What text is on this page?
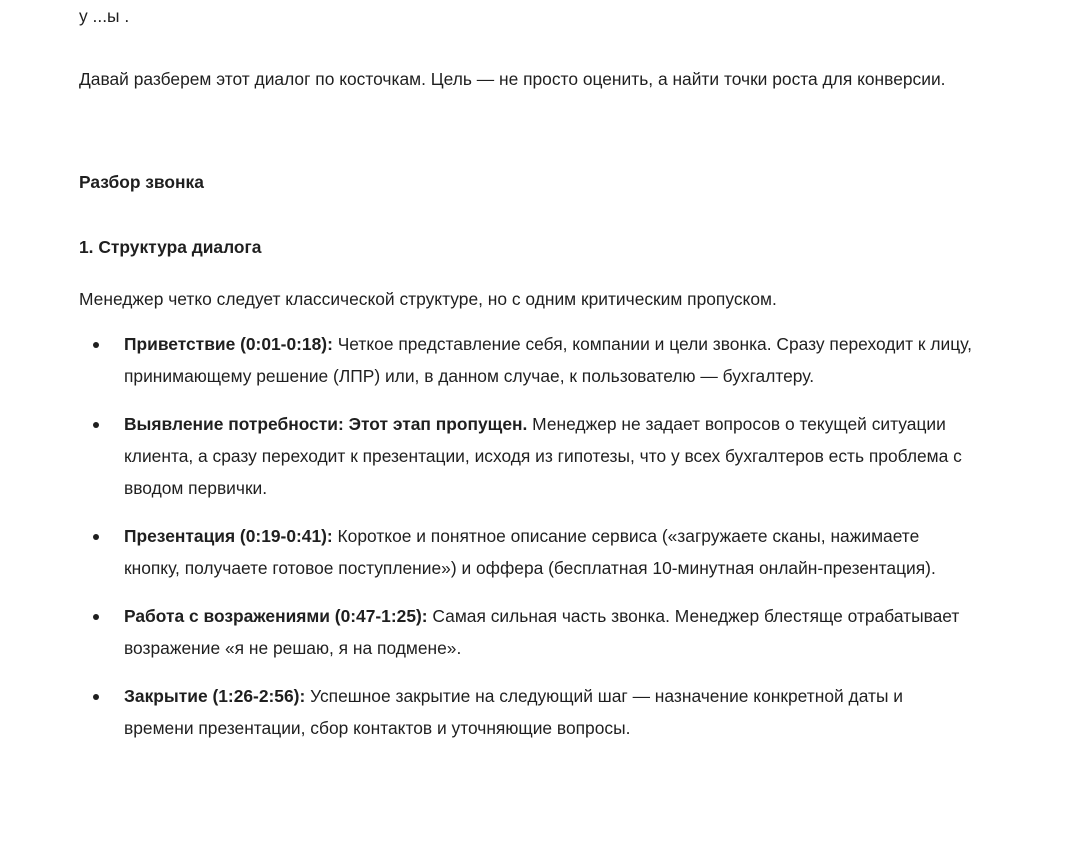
у ...ы .

Давай разберем этот диалог по косточкам. Цель — не просто оценить, а найти точки роста для конверсии.

Разбор звонка

1. Структура диалога

Менеджер четко следует классической структуре, но с одним критическим пропуском.

Приветствие (0:01-0:18): Четкое представление себя, компании и цели звонка. Сразу переходит к лицу, принимающему решение (ЛПР) или, в данном случае, к пользователю — бухгалтеру.
Выявление потребности: Этот этап пропущен. Менеджер не задает вопросов о текущей ситуации клиента, а сразу переходит к презентации, исходя из гипотезы, что у всех бухгалтеров есть проблема с вводом первички.
Презентация (0:19-0:41): Короткое и понятное описание сервиса («загружаете сканы, нажимаете кнопку, получаете готовое поступление») и оффера (бесплатная 10-минутная онлайн-презентация).
Работа с возражениями (0:47-1:25): Самая сильная часть звонка. Менеджер блестяще отрабатывает возражение «я не решаю, я на подмене».
Закрытие (1:26-2:56): Успешное закрытие на следующий шаг — назначение конкретной даты и времени презентации, сбор контактов и уточняющие вопросы.
